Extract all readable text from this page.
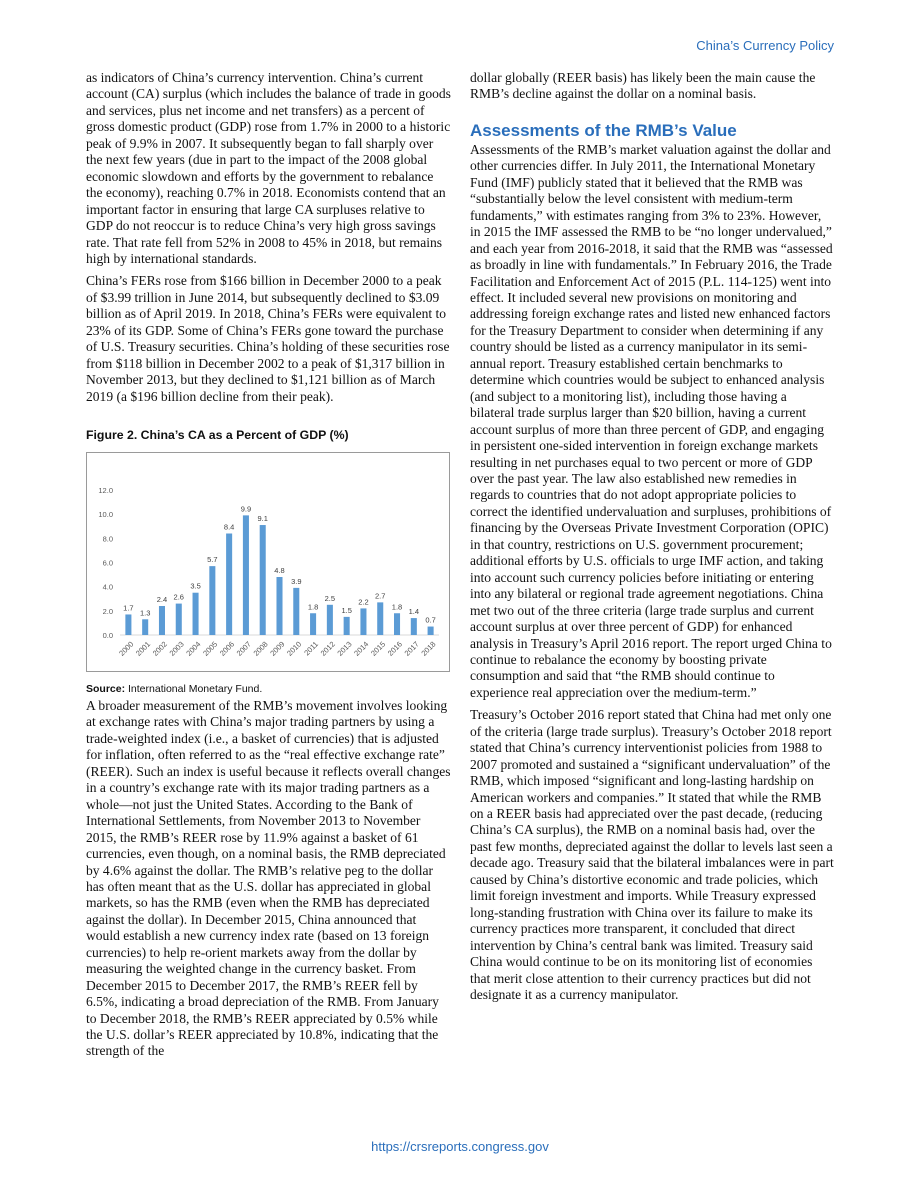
China’s Currency Policy

as indicators of China’s currency intervention. China’s current account (CA) surplus (which includes the balance of trade in goods and services, plus net income and net transfers) as a percent of gross domestic product (GDP) rose from 1.7% in 2000 to a historic peak of 9.9% in 2007. It subsequently began to fall sharply over the next few years (due in part to the impact of the 2008 global economic slowdown and efforts by the government to rebalance the economy), reaching 0.7% in 2018. Economists contend that an important factor in ensuring that large CA surpluses relative to GDP do not reoccur is to reduce China’s very high gross savings rate. That rate fell from 52% in 2008 to 45% in 2018, but remains high by international standards.

China’s FERs rose from $166 billion in December 2000 to a peak of $3.99 trillion in June 2014, but subsequently declined to $3.09 billion as of April 2019. In 2018, China’s FERs were equivalent to 23% of its GDP. Some of China’s FERs gone toward the purchase of U.S. Treasury securities. China’s holding of these securities rose from $118 billion in December 2002 to a peak of $1,317 billion in November 2013, but they declined to $1,121 billion as of March 2019 (a $196 billion decline from their peak).

Figure 2. China’s CA as a Percent of GDP (%)
0.0
2.0
4.0
6.0
8.0
10.0
12.0
1.7
2000
1.3
2001
2.4
2002
2.6
2003
3.5
2004
5.7
2005
8.4
2006
9.9
2007
9.1
2008
4.8
2009
3.9
2010
1.8
2011
2.5
2012
1.5
2013
2.2
2014
2.7
2015
1.8
2016
1.4
2017
0.7
2018
Source: International Monetary Fund.

A broader measurement of the RMB’s movement involves looking at exchange rates with China’s major trading partners by using a trade-weighted index (i.e., a basket of currencies) that is adjusted for inflation, often referred to as the “real effective exchange rate” (REER). Such an index is useful because it reflects overall changes in a country’s exchange rate with its major trading partners as a whole—not just the United States. According to the Bank of International Settlements, from November 2013 to November 2015, the RMB’s REER rose by 11.9% against a basket of 61 currencies, even though, on a nominal basis, the RMB depreciated by 4.6% against the dollar. The RMB’s relative peg to the dollar has often meant that as the U.S. dollar has appreciated in global markets, so has the RMB (even when the RMB has depreciated against the dollar). In December 2015, China announced that would establish a new currency index rate (based on 13 foreign currencies) to help re-orient markets away from the dollar by measuring the weighted change in the currency basket. From December 2015 to December 2017, the RMB’s REER fell by 6.5%, indicating a broad depreciation of the RMB. From January to December 2018, the RMB’s REER appreciated by 0.5% while the U.S. dollar’s REER appreciated by 10.8%, indicating that the strength of the

dollar globally (REER basis) has likely been the main cause the RMB’s decline against the dollar on a nominal basis.

Assessments of the RMB’s Value

Assessments of the RMB’s market valuation against the dollar and other currencies differ. In July 2011, the International Monetary Fund (IMF) publicly stated that it believed that the RMB was “substantially below the level consistent with medium-term fundaments,” with estimates ranging from 3% to 23%. However, in 2015 the IMF assessed the RMB to be “no longer undervalued,” and each year from 2016-2018, it said that the RMB was “assessed as broadly in line with fundamentals.” In February 2016, the Trade Facilitation and Enforcement Act of 2015 (P.L. 114-125) went into effect. It included several new provisions on monitoring and addressing foreign exchange rates and listed new enhanced factors for the Treasury Department to consider when determining if any country should be listed as a currency manipulator in its semi-annual report. Treasury established certain benchmarks to determine which countries would be subject to enhanced analysis (and subject to a monitoring list), including those having a bilateral trade surplus larger than $20 billion, having a current account surplus of more than three percent of GDP, and engaging in persistent one-sided intervention in foreign exchange markets resulting in net purchases equal to two percent or more of GDP over the past year. The law also established new remedies in regards to countries that do not adopt appropriate policies to correct the identified undervaluation and surpluses, prohibitions of financing by the Overseas Private Investment Corporation (OPIC) in that country, restrictions on U.S. government procurement; additional efforts by U.S. officials to urge IMF action, and taking into account such currency policies before initiating or entering into any bilateral or regional trade agreement negotiations. China met two out of the three criteria (large trade surplus and current account surplus at over three percent of GDP) for enhanced analysis in Treasury’s April 2016 report. The report urged China to continue to rebalance the economy by boosting private consumption and said that “the RMB should continue to experience real appreciation over the medium-term.”

Treasury’s October 2016 report stated that China had met only one of the criteria (large trade surplus). Treasury’s October 2018 report stated that China’s currency interventionist policies from 1988 to 2007 promoted and sustained a “significant undervaluation” of the RMB, which imposed “significant and long-lasting hardship on American workers and companies.” It stated that while the RMB on a REER basis had appreciated over the past decade, (reducing China’s CA surplus), the RMB on a nominal basis had, over the past few months, depreciated against the dollar to levels last seen a decade ago. Treasury said that the bilateral imbalances were in part caused by China’s distortive economic and trade policies, which limit foreign investment and imports. While Treasury expressed long-standing frustration with China over its failure to make its currency practices more transparent, it concluded that direct intervention by China’s central bank was limited. Treasury said China would continue to be on its monitoring list of economies that merit close attention to their currency practices but did not designate it as a currency manipulator.

https://crsreports.congress.gov
